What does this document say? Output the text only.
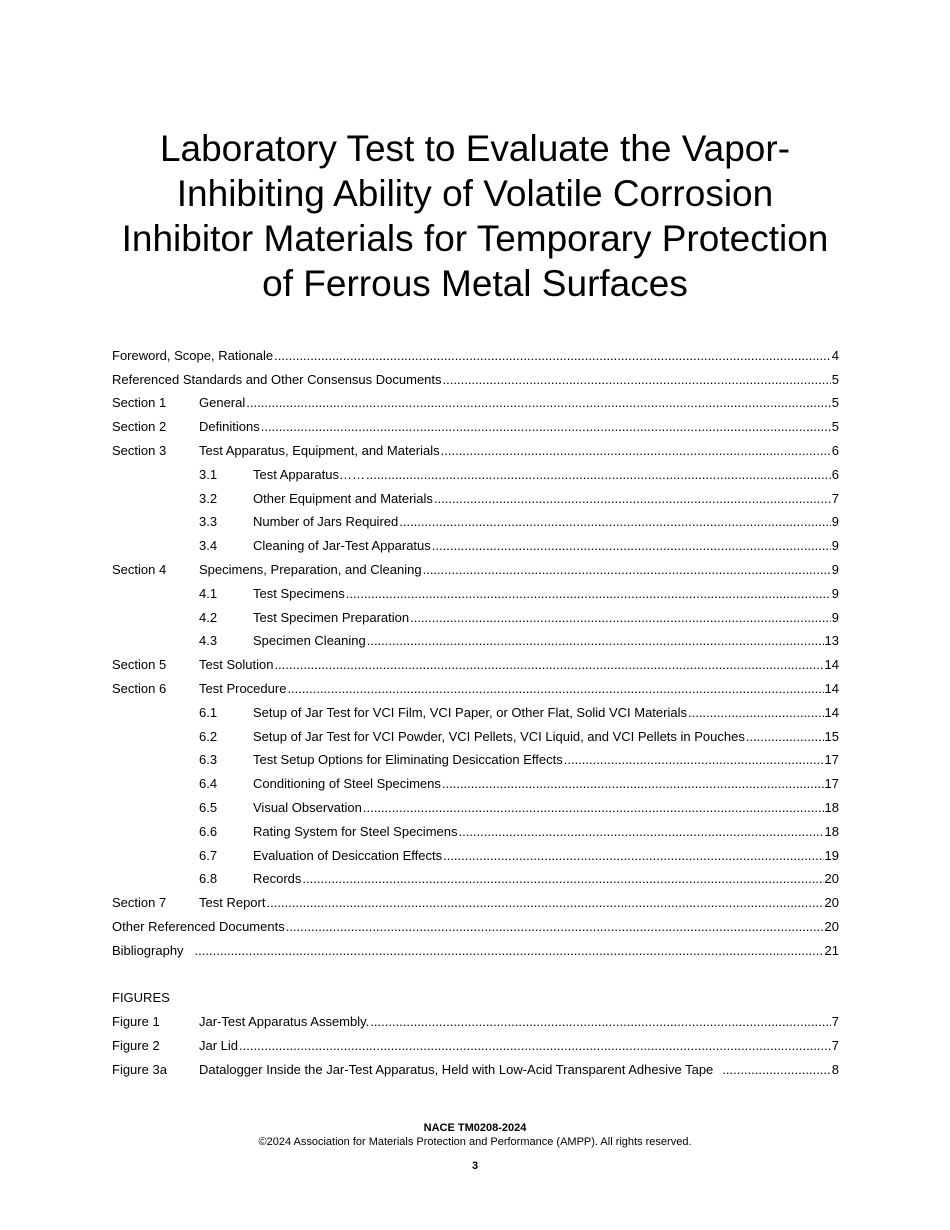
Laboratory Test to Evaluate the Vapor-
Inhibiting Ability of Volatile Corrosion
Inhibitor Materials for Temporary Protection
of Ferrous Metal Surfaces
Foreword, Scope, Rationale .....	4
Referenced Standards and Other Consensus Documents .....	5
Section 1	General .....	5
Section 2	Definitions .....	5
Section 3	Test Apparatus, Equipment, and Materials .....	6
3.1	Test Apparatus…… .....	6
3.2	Other Equipment and Materials .....	7
3.3	Number of Jars Required .....	9
3.4	Cleaning of Jar-Test Apparatus .....	9
Section 4	Specimens, Preparation, and Cleaning .....	9
4.1	Test Specimens .....	9
4.2	Test Specimen Preparation .....	9
4.3	Specimen Cleaning .....	13
Section 5	Test Solution .....	14
Section 6	Test Procedure .....	14
6.1	Setup of Jar Test for VCI Film, VCI Paper, or Other Flat, Solid VCI Materials .....	14
6.2	Setup of Jar Test for VCI Powder, VCI Pellets, VCI Liquid, and VCI Pellets in Pouches .....	15
6.3	Test Setup Options for Eliminating Desiccation Effects .....	17
6.4	Conditioning of Steel Specimens .....	17
6.5	Visual Observation .....	18
6.6	Rating System for Steel Specimens .....	18
6.7	Evaluation of Desiccation Effects .....	19
6.8	Records .....	20
Section 7	Test Report .....	20
Other Referenced Documents .....	20
Bibliography .....	21
FIGURES
Figure 1	Jar-Test Apparatus Assembly. .....	7
Figure 2	Jar Lid .....	7
Figure 3a	Datalogger Inside the Jar-Test Apparatus, Held with Low-Acid Transparent Adhesive Tape .....	8
NACE TM0208-2024
©2024 Association for Materials Protection and Performance (AMPP). All rights reserved.
3
